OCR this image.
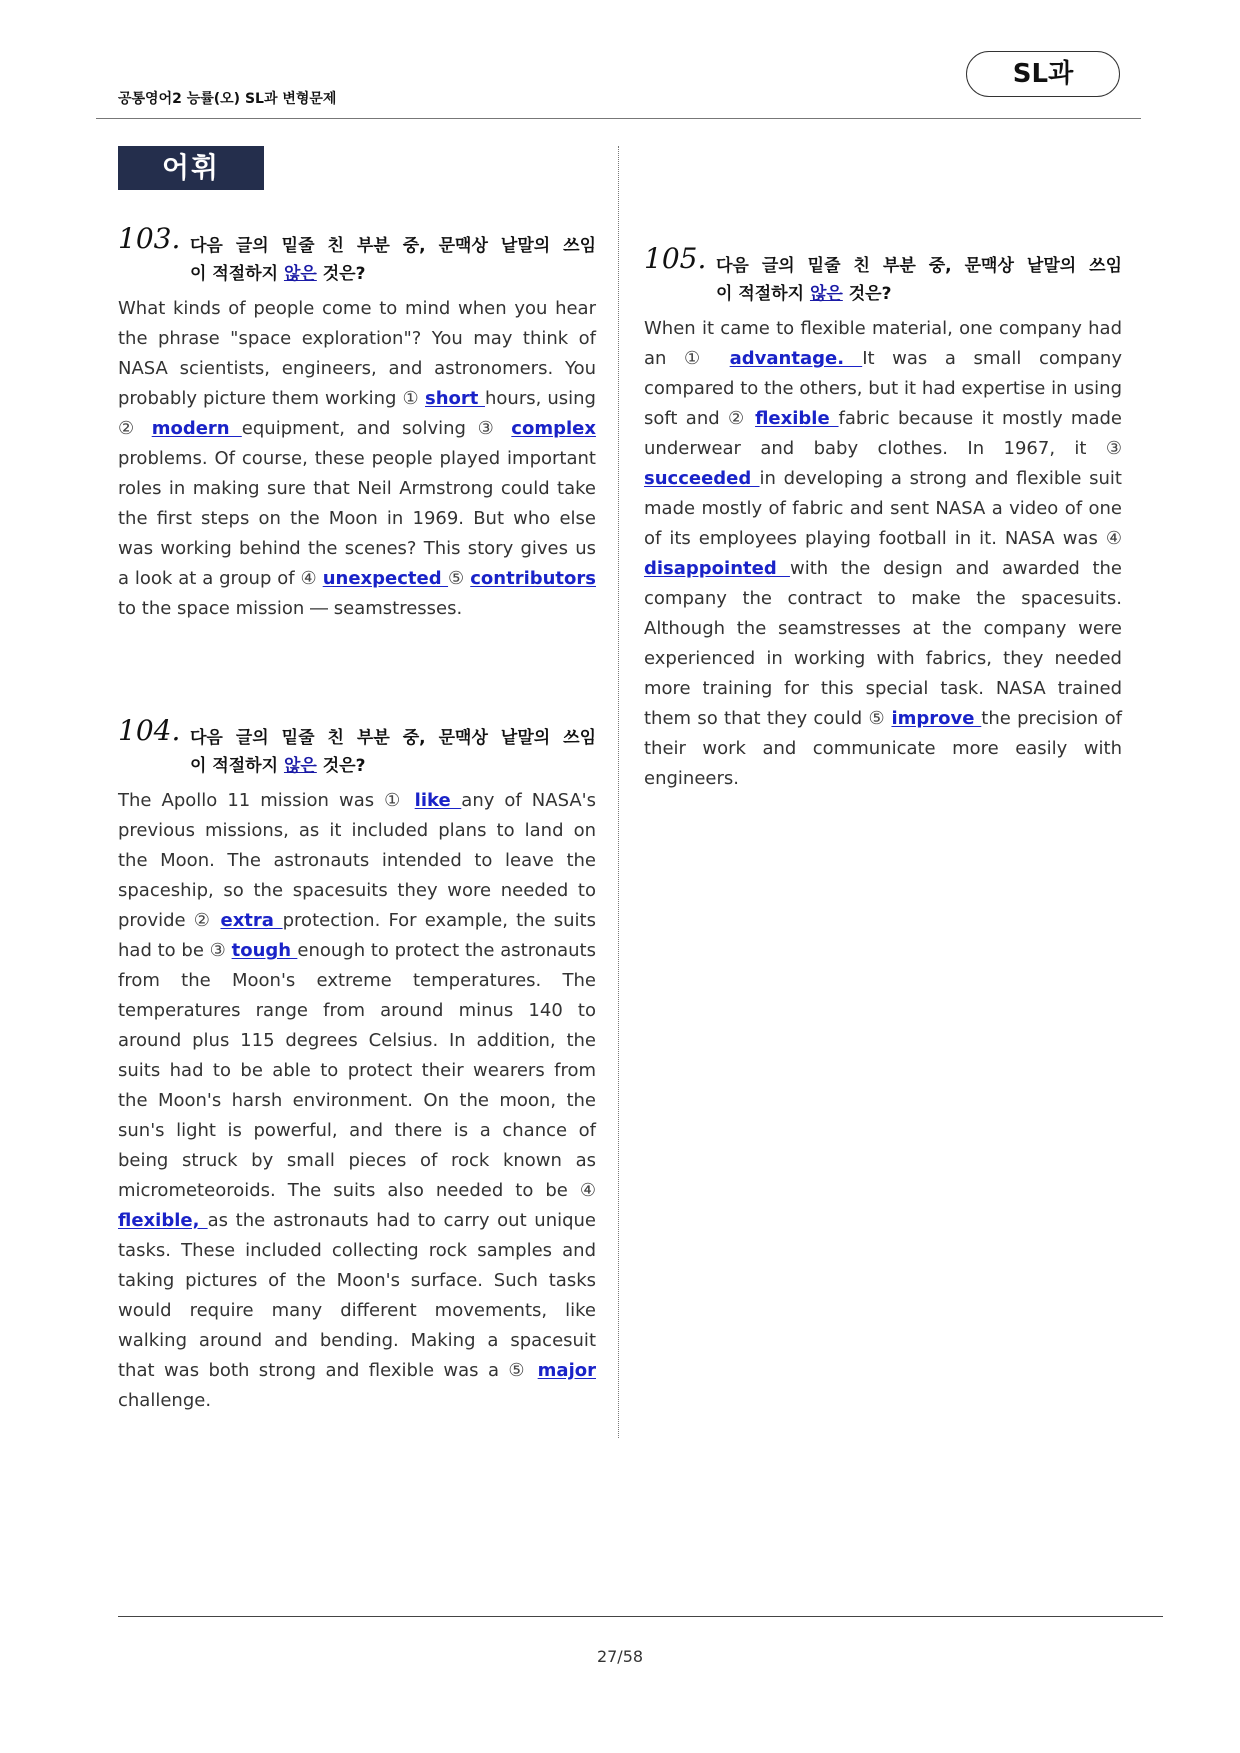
공통영어2 능률(오) SL과 변형문제
SL과
어휘
103. 다음 글의 밑줄 친 부분 중, 문맥상 낱말의 쓰임
이 적절하지 않은 것은?
What kinds of people come to mind when you hear the phrase "space exploration"? You may think of NASA scientists, engineers, and astronomers. You probably picture them working ① short hours, using ② modern equipment, and solving ③ complex problems. Of course, these people played important roles in making sure that Neil Armstrong could take the first steps on the Moon in 1969. But who else was working behind the scenes? This story gives us a look at a group of ④ unexpected ⑤ contributors to the space mission ― seamstresses.
104. 다음 글의 밑줄 친 부분 중, 문맥상 낱말의 쓰임
이 적절하지 않은 것은?
The Apollo 11 mission was ① like any of NASA's previous missions, as it included plans to land on the Moon. The astronauts intended to leave the spaceship, so the spacesuits they wore needed to provide ② extra protection. For example, the suits had to be ③ tough enough to protect the astronauts from the Moon's extreme temperatures. The temperatures range from around minus 140 to around plus 115 degrees Celsius. In addition, the suits had to be able to protect their wearers from the Moon's harsh environment. On the moon, the sun's light is powerful, and there is a chance of being struck by small pieces of rock known as micrometeoroids. The suits also needed to be ④ flexible, as the astronauts had to carry out unique tasks. These included collecting rock samples and taking pictures of the Moon's surface. Such tasks would require many different movements, like walking around and bending. Making a spacesuit that was both strong and flexible was a ⑤ major challenge.
105. 다음 글의 밑줄 친 부분 중, 문맥상 낱말의 쓰임
이 적절하지 않은 것은?
When it came to flexible material, one company had an ① advantage. It was a small company compared to the others, but it had expertise in using soft and ② flexible fabric because it mostly made underwear and baby clothes. In 1967, it ③ succeeded in developing a strong and flexible suit made mostly of fabric and sent NASA a video of one of its employees playing football in it. NASA was ④ disappointed with the design and awarded the company the contract to make the spacesuits. Although the seamstresses at the company were experienced in working with fabrics, they needed more training for this special task. NASA trained them so that they could ⑤ improve the precision of their work and communicate more easily with engineers.
27/58
